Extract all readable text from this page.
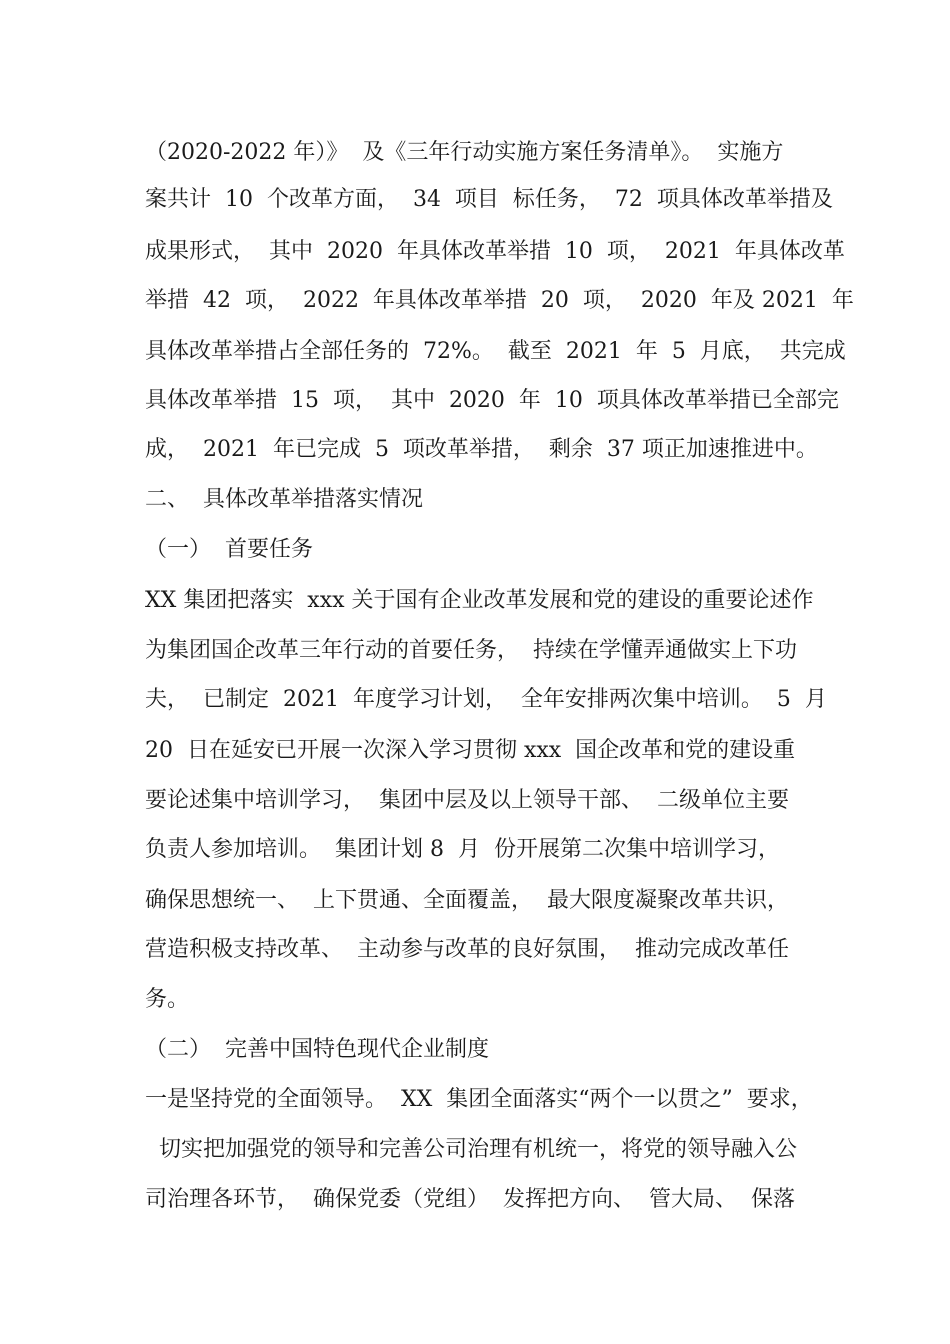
（2020-2022 年）》  及《三年行动实施方案任务清单》。  实施方
案共计  10  个改革方面，  34  项目  标任务，  72  项具体改革举措及
成果形式，  其中  2020  年具体改革举措  10  项，  2021  年具体改革
举措  42  项，  2022  年具体改革举措  20  项，  2020  年及 2021  年
具体改革举措占全部任务的  72%。  截至  2021  年  5  月底，  共完成
具体改革举措  15  项，  其中  2020  年  10  项具体改革举措已全部完
成，  2021  年已完成  5  项改革举措，  剩余  37 项正加速推进中。
二、  具体改革举措落实情况
（一）  首要任务
XX 集团把落实  xxx 关于国有企业改革发展和党的建设的重要论述作
为集团国企改革三年行动的首要任务，  持续在学懂弄通做实上下功
夫，  已制定  2021  年度学习计划，  全年安排两次集中培训。  5  月
20  日在延安已开展一次深入学习贯彻 xxx  国企改革和党的建设重
要论述集中培训学习，  集团中层及以上领导干部、  二级单位主要
负责人参加培训。  集团计划 8  月  份开展第二次集中培训学习，
确保思想统一、  上下贯通、全面覆盖，  最大限度凝聚改革共识，
营造积极支持改革、  主动参与改革的良好氛围，  推动完成改革任
务。
（二）  完善中国特色现代企业制度
一是坚持党的全面领导。  XX  集团全面落实“两个一以贯之”  要求，
切实把加强党的领导和完善公司治理有机统一，将党的领导融入公
司治理各环节，  确保党委（党组）  发挥把方向、  管大局、  保落
